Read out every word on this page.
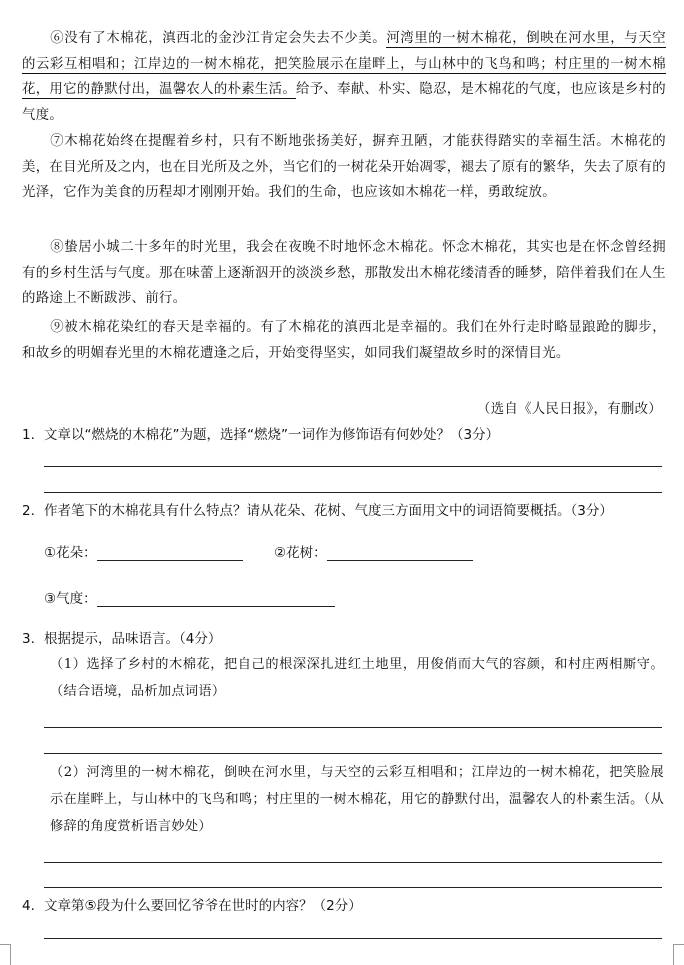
⑥没有了木棉花，滇西北的金沙江肯定会失去不少美。河湾里的一树木棉花，倒映在河水里，与天空的云彩互相唱和；江岸边的一树木棉花，把笑脸展示在崖畔上，与山林中的飞鸟和鸣；村庄里的一树木棉花，用它的静默付出，温馨农人的朴素生活。给予、奉献、朴实、隐忍，是木棉花的气度，也应该是乡村的气度。
⑦木棉花始终在提醒着乡村，只有不断地张扬美好，摒弃丑陋，才能获得踏实的幸福生活。木棉花的美，在目光所及之内，也在目光所及之外，当它们的一树花朵开始凋零，褪去了原有的繁华，失去了原有的光泽，它作为美食的历程却才刚刚开始。我们的生命，也应该如木棉花一样，勇敢绽放。
⑧蛰居小城二十多年的时光里，我会在夜晚不时地怀念木棉花。怀念木棉花，其实也是在怀念曾经拥有的乡村生活与气度。那在味蕾上逐渐泅开的淡淡乡愁，那散发出木棉花缕清香的睡梦，陪伴着我们在人生的路途上不断跋涉、前行。
⑨被木棉花染红的春天是幸福的。有了木棉花的滇西北是幸福的。我们在外行走时略显踉跄的脚步，和故乡的明媚春光里的木棉花遭逢之后，开始变得坚实，如同我们凝望故乡时的深情目光。
（选自《人民日报》，有删改）
1. 文章以“燃烧的木棉花”为题，选择“燃烧”一词作为修饰语有何妙处？（3分）
2. 作者笔下的木棉花具有什么特点？请从花朵、花树、气度三方面用文中的词语简要概括。（3分）
①花朵：	②花树：
③气度：
3. 根据提示，品味语言。（4分）
（1）选择了乡村的木棉花，把自己的根深深扎进红土地里，用俊俏而大气的容颜，和村庄两相厮守。（结合语境，品析加点词语）
（2）河湾里的一树木棉花，倒映在河水里，与天空的云彩互相唱和；江岸边的一树木棉花，把笑脸展示在崖畔上，与山林中的飞鸟和鸣；村庄里的一树木棉花，用它的静默付出，温馨农人的朴素生活。（从修辞的角度赏析语言妙处）
4. 文章第⑤段为什么要回忆爷爷在世时的内容？（2分）
